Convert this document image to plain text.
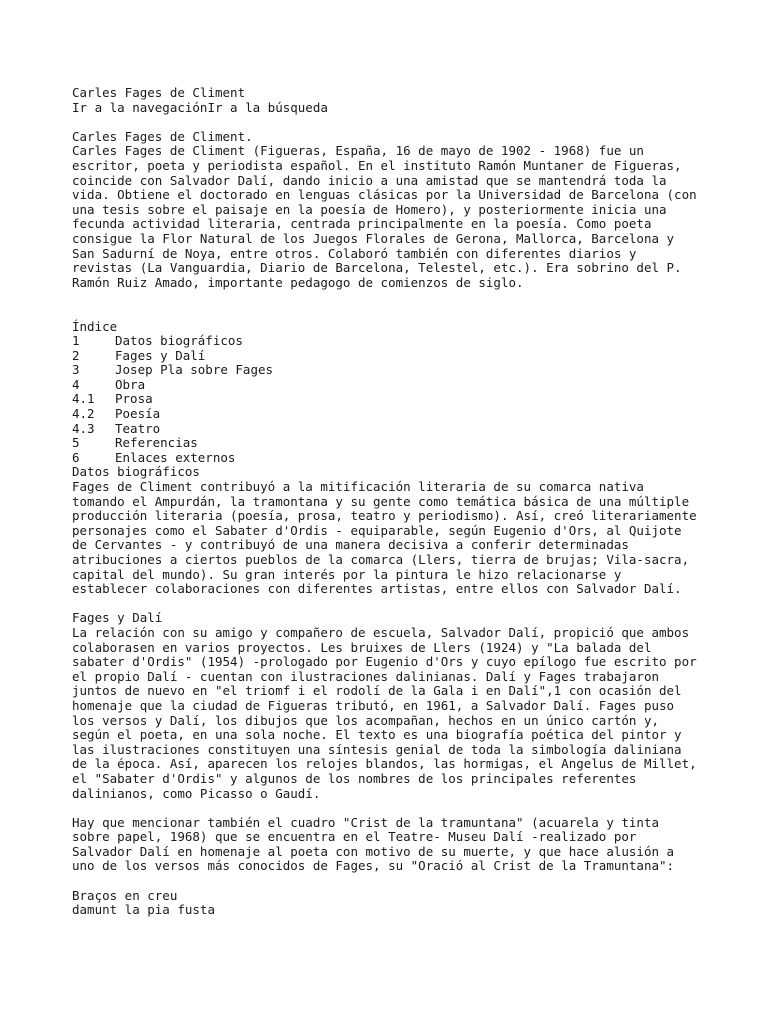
Carles Fages de Climent
Ir a la navegaciónIr a la búsqueda
Carles Fages de Climent.
Carles Fages de Climent (Figueras, España, 16 de mayo de 1902 - 1968) fue un
escritor, poeta y periodista español. En el instituto Ramón Muntaner de Figueras,
coincide con Salvador Dalí, dando inicio a una amistad que se mantendrá toda la
vida. Obtiene el doctorado en lenguas clásicas por la Universidad de Barcelona (con
una tesis sobre el paisaje en la poesía de Homero), y posteriormente inicia una
fecunda actividad literaria, centrada principalmente en la poesía. Como poeta
consigue la Flor Natural de los Juegos Florales de Gerona, Mallorca, Barcelona y
San Sadurní de Noya, entre otros. Colaboró también con diferentes diarios y
revistas (La Vanguardia, Diario de Barcelona, Telestel, etc.). Era sobrino del P.
Ramón Ruiz Amado, importante pedagogo de comienzos de siglo.
Índice
1	Datos biográficos
2	Fages y Dalí
3	Josep Pla sobre Fages
4	Obra
4.1	Prosa
4.2	Poesía
4.3	Teatro
5	Referencias
6	Enlaces externos
Datos biográficos
Fages de Climent contribuyó a la mitificación literaria de su comarca nativa
tomando el Ampurdán, la tramontana y su gente como temática básica de una múltiple
producción literaria (poesía, prosa, teatro y periodismo). Así, creó literariamente
personajes como el Sabater d'Ordis - equiparable, según Eugenio d'Ors, al Quijote
de Cervantes - y contribuyó de una manera decisiva a conferir determinadas
atribuciones a ciertos pueblos de la comarca (Llers, tierra de brujas; Vila-sacra,
capital del mundo). Su gran interés por la pintura le hizo relacionarse y
establecer colaboraciones con diferentes artistas, entre ellos con Salvador Dalí.
Fages y Dalí
La relación con su amigo y compañero de escuela, Salvador Dalí, propició que ambos
colaborasen en varios proyectos. Les bruixes de Llers (1924) y "La balada del
sabater d'Ordis" (1954) -prologado por Eugenio d'Ors y cuyo epílogo fue escrito por
el propio Dalí - cuentan con ilustraciones dalinianas. Dalí y Fages trabajaron
juntos de nuevo en "el triomf i el rodolí de la Gala i en Dalí",1 con ocasión del
homenaje que la ciudad de Figueras tributó, en 1961, a Salvador Dalí. Fages puso
los versos y Dalí, los dibujos que los acompañan, hechos en un único cartón y,
según el poeta, en una sola noche. El texto es una biografía poética del pintor y
las ilustraciones constituyen una síntesis genial de toda la simbología daliniana
de la época. Así, aparecen los relojes blandos, las hormigas, el Angelus de Millet,
el "Sabater d'Ordis" y algunos de los nombres de los principales referentes
dalinianos, como Picasso o Gaudí.
Hay que mencionar también el cuadro "Crist de la tramuntana" (acuarela y tinta
sobre papel, 1968) que se encuentra en el Teatre- Museu Dalí -realizado por
Salvador Dalí en homenaje al poeta con motivo de su muerte, y que hace alusión a
uno de los versos más conocidos de Fages, su "Oració al Crist de la Tramuntana":
Braços en creu
damunt la pia fusta
